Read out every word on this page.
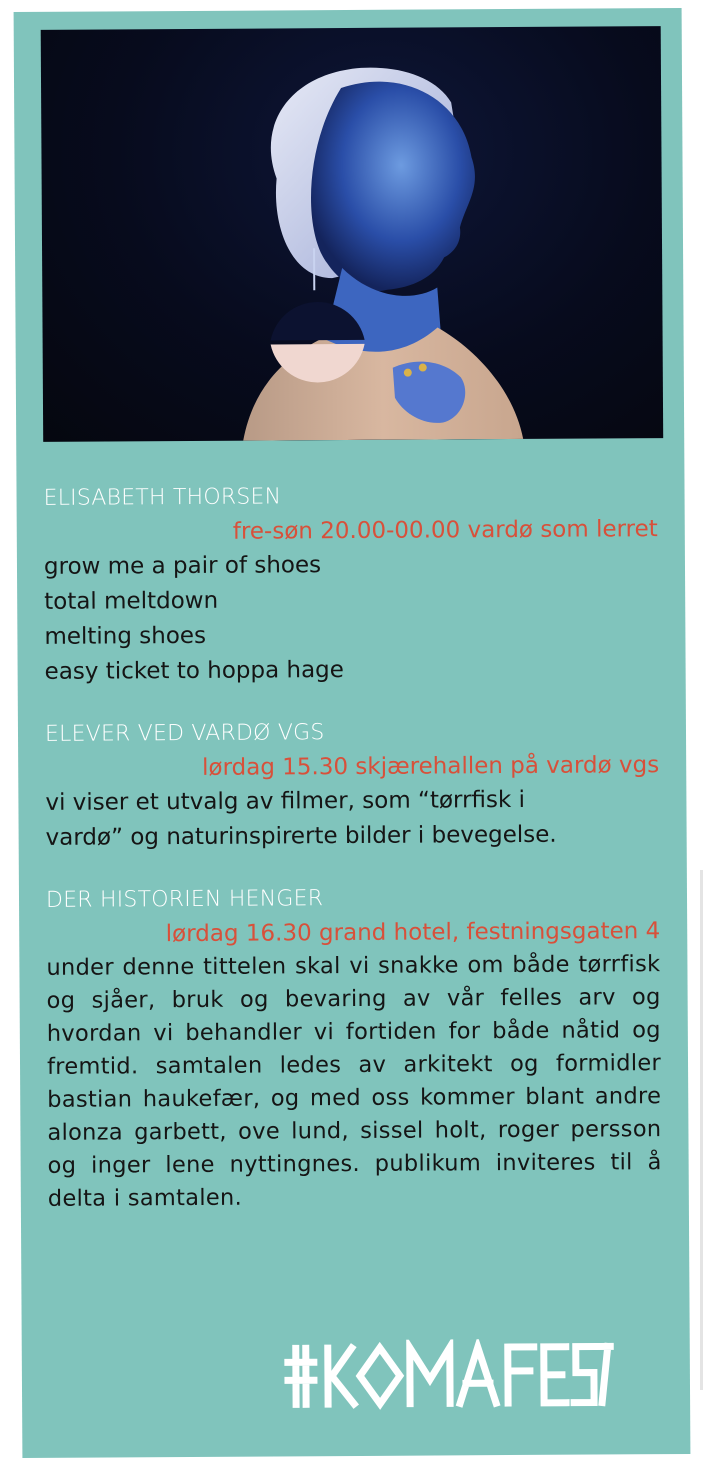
ELISABETH THORSEN

fre-søn 20.00-00.00 vardø som lerret

grow me a pair of shoes

total meltdown

melting shoes

easy ticket to hoppa hage

ELEVER VED VARDØ VGS

lørdag 15.30 skjærehallen på vardø vgs

vi viser et utvalg av filmer, som “tørrfisk i

vardø” og naturinspirerte bilder i bevegelse.

DER HISTORIEN HENGER

lørdag 16.30 grand hotel, festningsgaten 4

under denne tittelen skal vi snakke om både tørrfisk og sjåer, bruk og bevaring av vår felles arv og hvordan vi behandler vi fortiden for både nåtid og fremtid. samtalen ledes av arkitekt og formidler bastian haukefær, og med oss kommer blant andre alonza garbett, ove lund, sissel holt, roger persson og inger lene nyttingnes. publikum inviteres til å delta i samtalen.
